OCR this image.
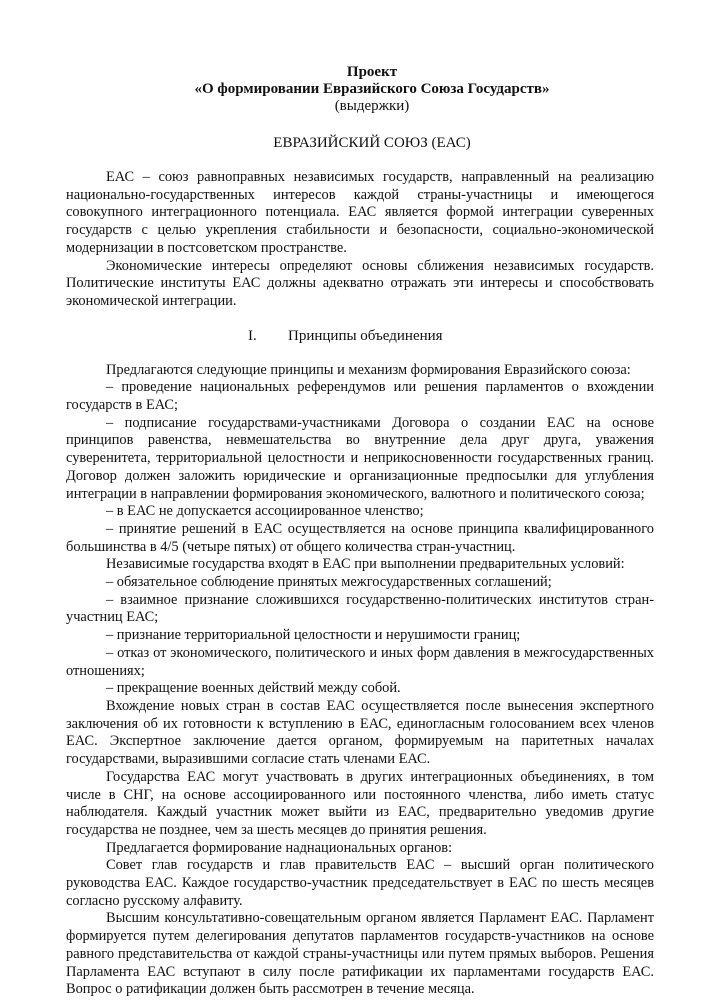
Проект
«О формировании Евразийского Союза Государств»
(выдержки)
ЕВРАЗИЙСКИЙ СОЮЗ (ЕАС)

ЕАС – союз равноправных независимых государств, направленный на реализацию национально-государственных интересов каждой страны-участницы и имеющегося совокупного интеграционного потенциала. ЕАС является формой интеграции суверенных государств с целью укрепления стабильности и безопасности, социально-экономической модернизации в постсоветском пространстве.

Экономические интересы определяют основы сближения независимых государств. Политические институты ЕАС должны адекватно отражать эти интересы и способствовать экономической интеграции.

I. Принципы объединения

Предлагаются следующие принципы и механизм формирования Евразийского союза:

– проведение национальных референдумов или решения парламентов о вхождении государств в ЕАС;

– подписание государствами-участниками Договора о создании ЕАС на основе принципов равенства, невмешательства во внутренние дела друг друга, уважения суверенитета, территориальной целостности и неприкосновенности государственных границ. Договор должен заложить юридические и организационные предпосылки для углубления интеграции в направлении формирования экономического, валютного и политического союза;

– в ЕАС не допускается ассоциированное членство;

– принятие решений в ЕАС осуществляется на основе принципа квалифицированного большинства в 4/5 (четыре пятых) от общего количества стран-участниц.

Независимые государства входят в ЕАС при выполнении предварительных условий:

– обязательное соблюдение принятых межгосударственных соглашений;

– взаимное признание сложившихся государственно-политических институтов стран-участниц ЕАС;

– признание территориальной целостности и нерушимости границ;

– отказ от экономического, политического и иных форм давления в межгосударственных отношениях;

– прекращение военных действий между собой.

Вхождение новых стран в состав ЕАС осуществляется после вынесения экспертного заключения об их готовности к вступлению в ЕАС, единогласным голосованием всех членов ЕАС. Экспертное заключение дается органом, формируемым на паритетных началах государствами, выразившими согласие стать членами ЕАС.

Государства ЕАС могут участвовать в других интеграционных объединениях, в том числе в СНГ, на основе ассоциированного или постоянного членства, либо иметь статус наблюдателя. Каждый участник может выйти из ЕАС, предварительно уведомив другие государства не позднее, чем за шесть месяцев до принятия решения.

Предлагается формирование наднациональных органов:

Совет глав государств и глав правительств ЕАС – высший орган политического руководства ЕАС. Каждое государство-участник председательствует в ЕАС по шесть месяцев согласно русскому алфавиту.

Высшим консультативно-совещательным органом является Парламент ЕАС. Парламент формируется путем делегирования депутатов парламентов государств-участников на основе равного представительства от каждой страны-участницы или путем прямых выборов. Решения Парламента ЕАС вступают в силу после ратификации их парламентами государств ЕАС. Вопрос о ратификации должен быть рассмотрен в течение месяца.
